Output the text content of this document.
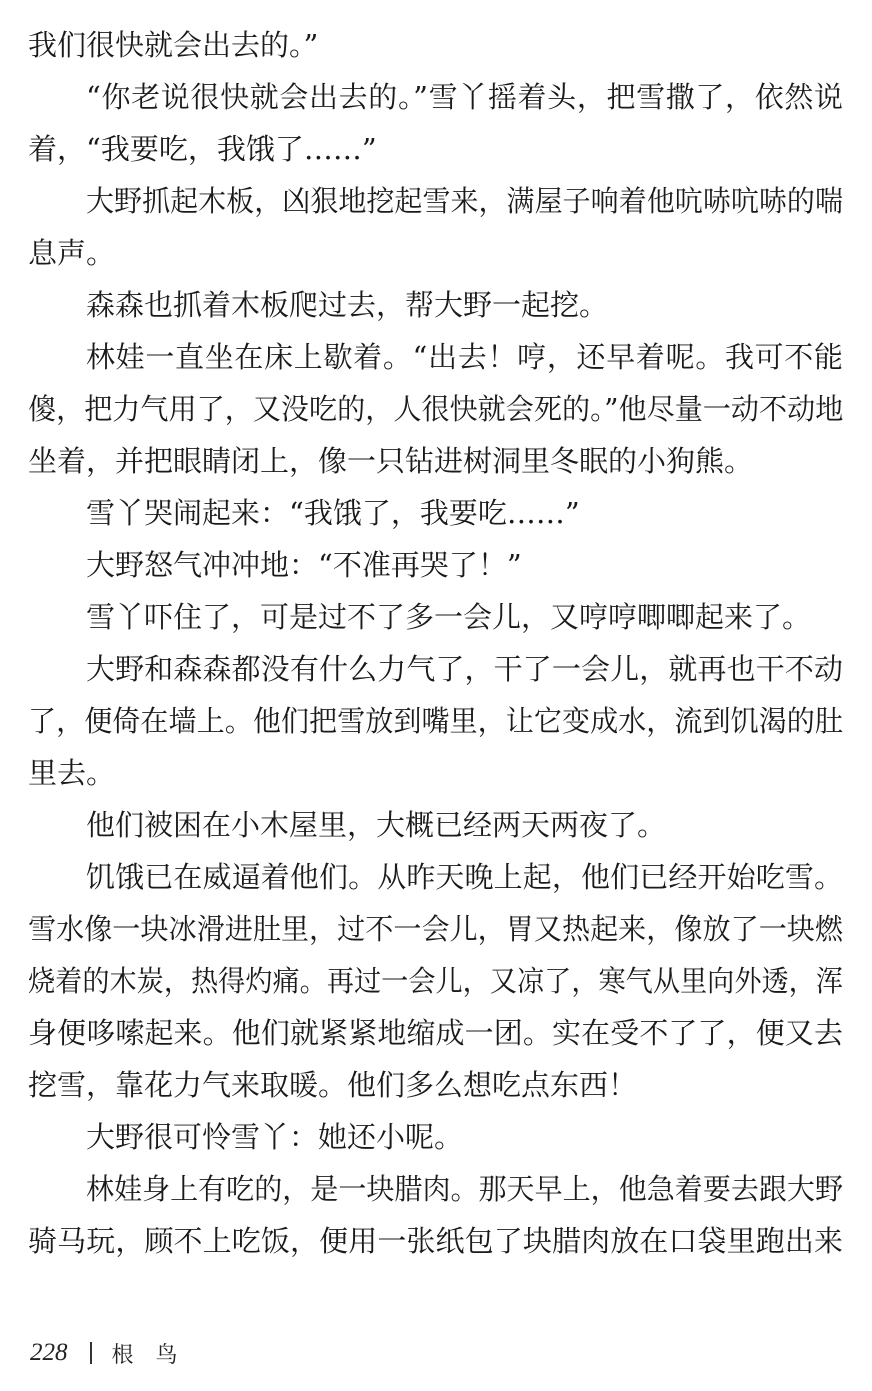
我们很快就会出去的。”
“你老说很快就会出去的。”雪丫摇着头，把雪撒了，依然说
着，“我要吃，我饿了……”
大野抓起木板，凶狠地挖起雪来，满屋子响着他吭哧吭哧的喘
息声。
森森也抓着木板爬过去，帮大野一起挖。
林娃一直坐在床上歇着。“出去！哼，还早着呢。我可不能
傻，把力气用了，又没吃的，人很快就会死的。”他尽量一动不动地
坐着，并把眼睛闭上，像一只钻进树洞里冬眠的小狗熊。
雪丫哭闹起来：“我饿了，我要吃……”
大野怒气冲冲地：“不准再哭了！”
雪丫吓住了，可是过不了多一会儿，又哼哼唧唧起来了。
大野和森森都没有什么力气了，干了一会儿，就再也干不动
了，便倚在墙上。他们把雪放到嘴里，让它变成水，流到饥渴的肚
里去。
他们被困在小木屋里，大概已经两天两夜了。
饥饿已在威逼着他们。从昨天晚上起，他们已经开始吃雪。
雪水像一块冰滑进肚里，过不一会儿，胃又热起来，像放了一块燃
烧着的木炭，热得灼痛。再过一会儿，又凉了，寒气从里向外透，浑
身便哆嗦起来。他们就紧紧地缩成一团。实在受不了了，便又去
挖雪，靠花力气来取暖。他们多么想吃点东西！
大野很可怜雪丫：她还小呢。
林娃身上有吃的，是一块腊肉。那天早上，他急着要去跟大野
骑马玩，顾不上吃饭，便用一张纸包了块腊肉放在口袋里跑出来
228 根鸟
